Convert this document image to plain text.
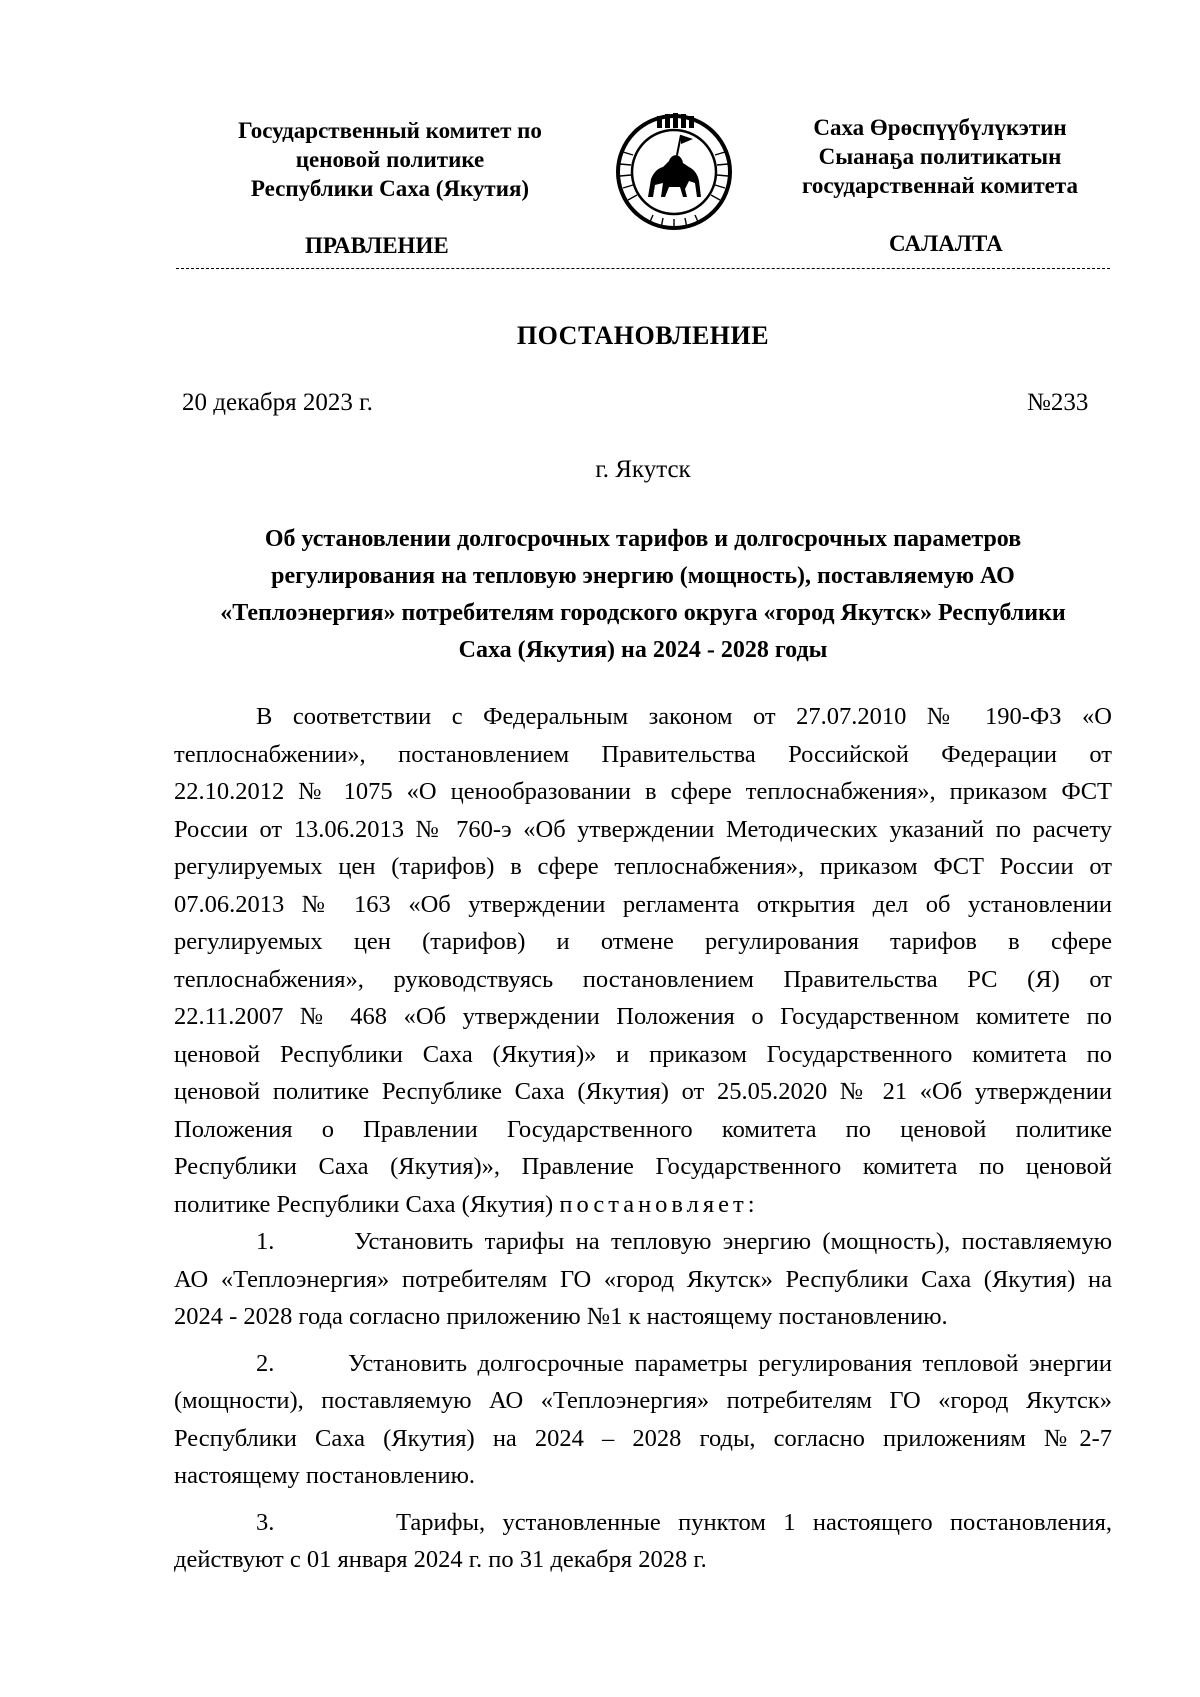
Государственный комитет по
ценовой политике
Республики Саха (Якутия)
Саха Өрөспүүбүлүкэтин
Сыанаҕа политикатын
государственнай комитета
ПРАВЛЕНИЕ	САЛАЛТА
ПОСТАНОВЛЕНИЕ
20 декабря 2023 г.	№233
г. Якутск
Об установлении долгосрочных тарифов и долгосрочных параметров
регулирования на тепловую энергию (мощность), поставляемую АО
«Теплоэнергия» потребителям городского округа «город Якутск» Республики
Саха (Якутия) на 2024 - 2028 годы
В соответствии с Федеральным законом от 27.07.2010 № 190-ФЗ «О
теплоснабжении», постановлением Правительства Российской Федерации от
22.10.2012 № 1075 «О ценообразовании в сфере теплоснабжения», приказом ФСТ
России от 13.06.2013 № 760-э «Об утверждении Методических указаний по расчету
регулируемых цен (тарифов) в сфере теплоснабжения», приказом ФСТ России от
07.06.2013 № 163 «Об утверждении регламента открытия дел об установлении
регулируемых цен (тарифов) и отмене регулирования тарифов в сфере
теплоснабжения», руководствуясь постановлением Правительства РС (Я) от
22.11.2007 № 468 «Об утверждении Положения о Государственном комитете по
ценовой Республики Саха (Якутия)» и приказом Государственного комитета по
ценовой политике Республике Саха (Якутия) от 25.05.2020 № 21 «Об утверждении
Положения о Правлении Государственного комитета по ценовой политике
Республики Саха (Якутия)», Правление Государственного комитета по ценовой
политике Республики Саха (Якутия) постановляет:
1.	Установить тарифы на тепловую энергию (мощность), поставляемую
АО «Теплоэнергия» потребителям ГО «город Якутск» Республики Саха (Якутия) на
2024 - 2028 года согласно приложению №1 к настоящему постановлению.
2.	Установить долгосрочные параметры регулирования тепловой энергии
(мощности), поставляемую АО «Теплоэнергия» потребителям ГО «город Якутск»
Республики Саха (Якутия) на 2024 – 2028 годы, согласно приложениям №2-7
настоящему постановлению.
3.	Тарифы, установленные пунктом 1 настоящего постановления,
действуют с 01 января 2024 г. по 31 декабря 2028 г.
